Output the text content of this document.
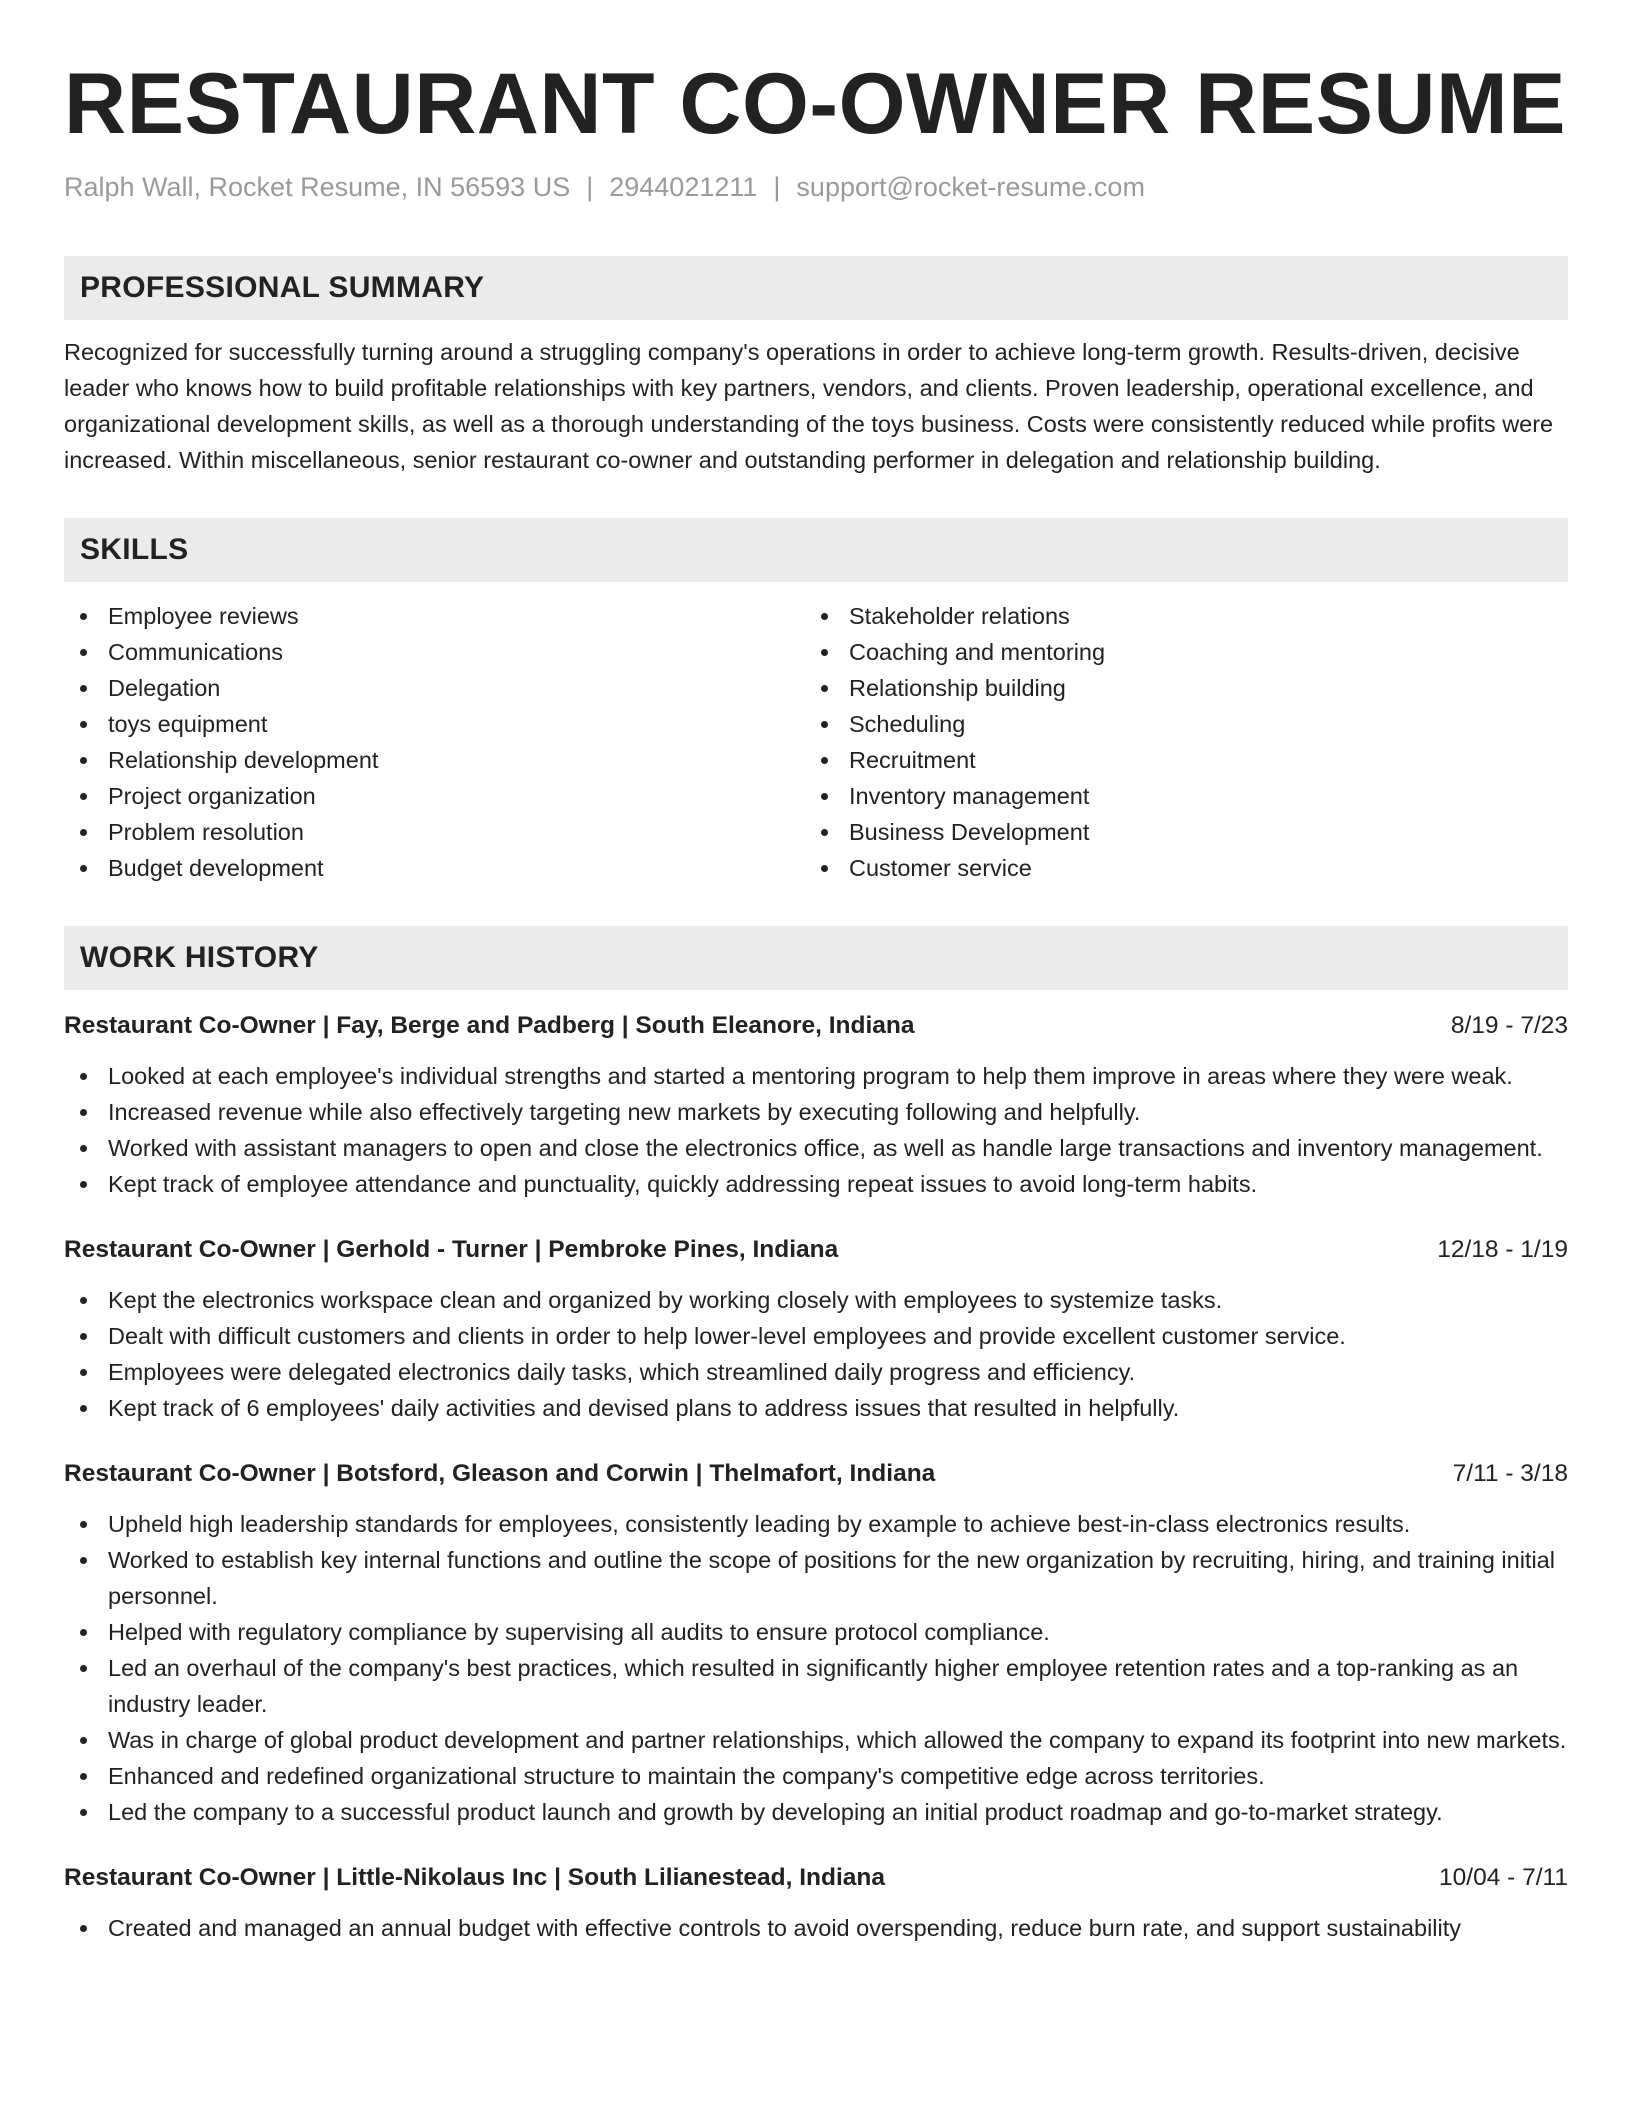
RESTAURANT CO-OWNER RESUME
Ralph Wall, Rocket Resume, IN 56593 US | 2944021211 | support@rocket-resume.com
PROFESSIONAL SUMMARY
Recognized for successfully turning around a struggling company's operations in order to achieve long-term growth. Results-driven, decisive leader who knows how to build profitable relationships with key partners, vendors, and clients. Proven leadership, operational excellence, and organizational development skills, as well as a thorough understanding of the toys business. Costs were consistently reduced while profits were increased. Within miscellaneous, senior restaurant co-owner and outstanding performer in delegation and relationship building.
SKILLS
Employee reviews
Communications
Delegation
toys equipment
Relationship development
Project organization
Problem resolution
Budget development
Stakeholder relations
Coaching and mentoring
Relationship building
Scheduling
Recruitment
Inventory management
Business Development
Customer service
WORK HISTORY
Restaurant Co-Owner | Fay, Berge and Padberg | South Eleanore, Indiana	8/19 - 7/23
Looked at each employee's individual strengths and started a mentoring program to help them improve in areas where they were weak.
Increased revenue while also effectively targeting new markets by executing following and helpfully.
Worked with assistant managers to open and close the electronics office, as well as handle large transactions and inventory management.
Kept track of employee attendance and punctuality, quickly addressing repeat issues to avoid long-term habits.
Restaurant Co-Owner | Gerhold - Turner | Pembroke Pines, Indiana	12/18 - 1/19
Kept the electronics workspace clean and organized by working closely with employees to systemize tasks.
Dealt with difficult customers and clients in order to help lower-level employees and provide excellent customer service.
Employees were delegated electronics daily tasks, which streamlined daily progress and efficiency.
Kept track of 6 employees' daily activities and devised plans to address issues that resulted in helpfully.
Restaurant Co-Owner | Botsford, Gleason and Corwin | Thelmafort, Indiana	7/11 - 3/18
Upheld high leadership standards for employees, consistently leading by example to achieve best-in-class electronics results.
Worked to establish key internal functions and outline the scope of positions for the new organization by recruiting, hiring, and training initial personnel.
Helped with regulatory compliance by supervising all audits to ensure protocol compliance.
Led an overhaul of the company's best practices, which resulted in significantly higher employee retention rates and a top-ranking as an industry leader.
Was in charge of global product development and partner relationships, which allowed the company to expand its footprint into new markets.
Enhanced and redefined organizational structure to maintain the company's competitive edge across territories.
Led the company to a successful product launch and growth by developing an initial product roadmap and go-to-market strategy.
Restaurant Co-Owner | Little-Nikolaus Inc | South Lilianestead, Indiana	10/04 - 7/11
Created and managed an annual budget with effective controls to avoid overspending, reduce burn rate, and support sustainability
